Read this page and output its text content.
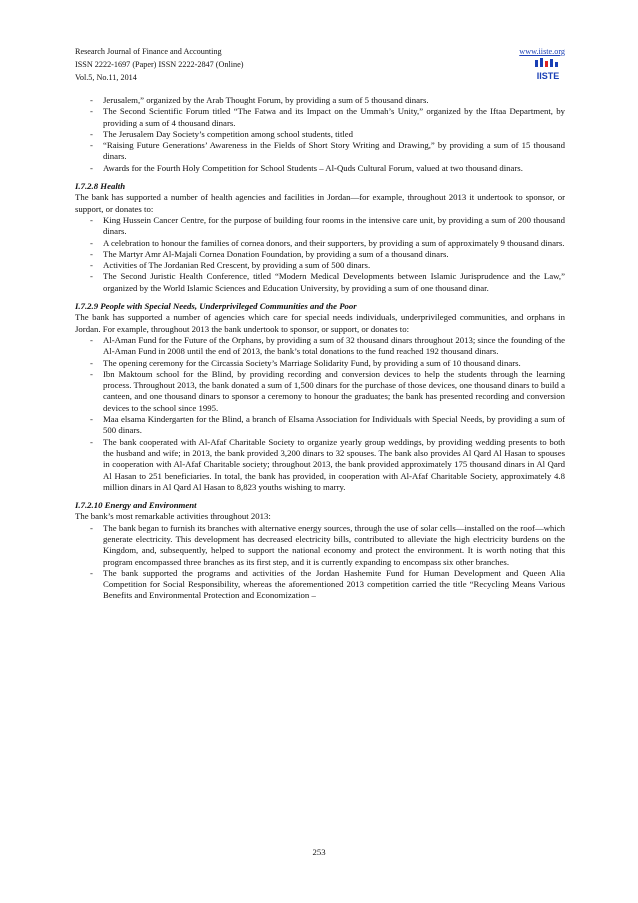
Research Journal of Finance and Accounting
ISSN 2222-1697 (Paper) ISSN 2222-2847 (Online)
Vol.5, No.11, 2014
www.iiste.org
IISTE
- Jerusalem,” organized by the Arab Thought Forum, by providing a sum of 5 thousand dinars.
- The Second Scientific Forum titled “The Fatwa and its Impact on the Ummah’s Unity,” organized by the Iftaa Department, by providing a sum of 4 thousand dinars.
- The Jerusalem Day Society’s competition among school students, titled
- “Raising Future Generations’ Awareness in the Fields of Short Story Writing and Drawing,” by providing a sum of 15 thousand dinars.
- Awards for the Fourth Holy Competition for School Students – Al-Quds Cultural Forum, valued at two thousand dinars.
I.7.2.8 Health
The bank has supported a number of health agencies and facilities in Jordan—for example, throughout 2013 it undertook to sponsor, or support, or donates to:
- King Hussein Cancer Centre, for the purpose of building four rooms in the intensive care unit, by providing a sum of 200 thousand dinars.
- A celebration to honour the families of cornea donors, and their supporters, by providing a sum of approximately 9 thousand dinars.
- The Martyr Amr Al-Majali Cornea Donation Foundation, by providing a sum of a thousand dinars.
- Activities of The Jordanian Red Crescent, by providing a sum of 500 dinars.
- The Second Juristic Health Conference, titled “Modern Medical Developments between Islamic Jurisprudence and the Law,” organized by the World Islamic Sciences and Education University, by providing a sum of one thousand dinar.
I.7.2.9 People with Special Needs, Underprivileged Communities and the Poor
The bank has supported a number of agencies which care for special needs individuals, underprivileged communities, and orphans in Jordan. For example, throughout 2013 the bank undertook to sponsor, or support, or donates to:
- Al-Aman Fund for the Future of the Orphans, by providing a sum of 32 thousand dinars throughout 2013; since the founding of the Al-Aman Fund in 2008 until the end of 2013, the bank’s total donations to the fund reached 192 thousand dinars.
- The opening ceremony for the Circassia Society’s Marriage Solidarity Fund, by providing a sum of 10 thousand dinars.
- Ibn Maktoum school for the Blind, by providing recording and conversion devices to help the students through the learning process. Throughout 2013, the bank donated a sum of 1,500 dinars for the purchase of those devices, one thousand dinars to build a canteen, and one thousand dinars to sponsor a ceremony to honour the graduates; the bank has presented recording and conversion devices to the school since 1995.
- Maa elsama Kindergarten for the Blind, a branch of Elsama Association for Individuals with Special Needs, by providing a sum of 500 dinars.
- The bank cooperated with Al-Afaf Charitable Society to organize yearly group weddings, by providing wedding presents to both the husband and wife; in 2013, the bank provided 3,200 dinars to 32 spouses. The bank also provides Al Qard Al Hasan to spouses in cooperation with Al-Afaf Charitable society; throughout 2013, the bank provided approximately 175 thousand dinars in Al Qard Al Hasan to 251 beneficiaries. In total, the bank has provided, in cooperation with Al-Afaf Charitable Society, approximately 4.8 million dinars in Al Qard Al Hasan to 8,823 youths wishing to marry.
I.7.2.10 Energy and Environment
The bank’s most remarkable activities throughout 2013:
- The bank began to furnish its branches with alternative energy sources, through the use of solar cells—installed on the roof—which generate electricity. This development has decreased electricity bills, contributed to alleviate the high electricity burdens on the Kingdom, and, subsequently, helped to support the national economy and protect the environment. It is worth noting that this program encompassed three branches as its first step, and it is currently expanding to encompass six other branches.
- The bank supported the programs and activities of the Jordan Hashemite Fund for Human Development and Queen Alia Competition for Social Responsibility, whereas the aforementioned 2013 competition carried the title “Recycling Means Various Benefits and Environmental Protection and Economization –
253
